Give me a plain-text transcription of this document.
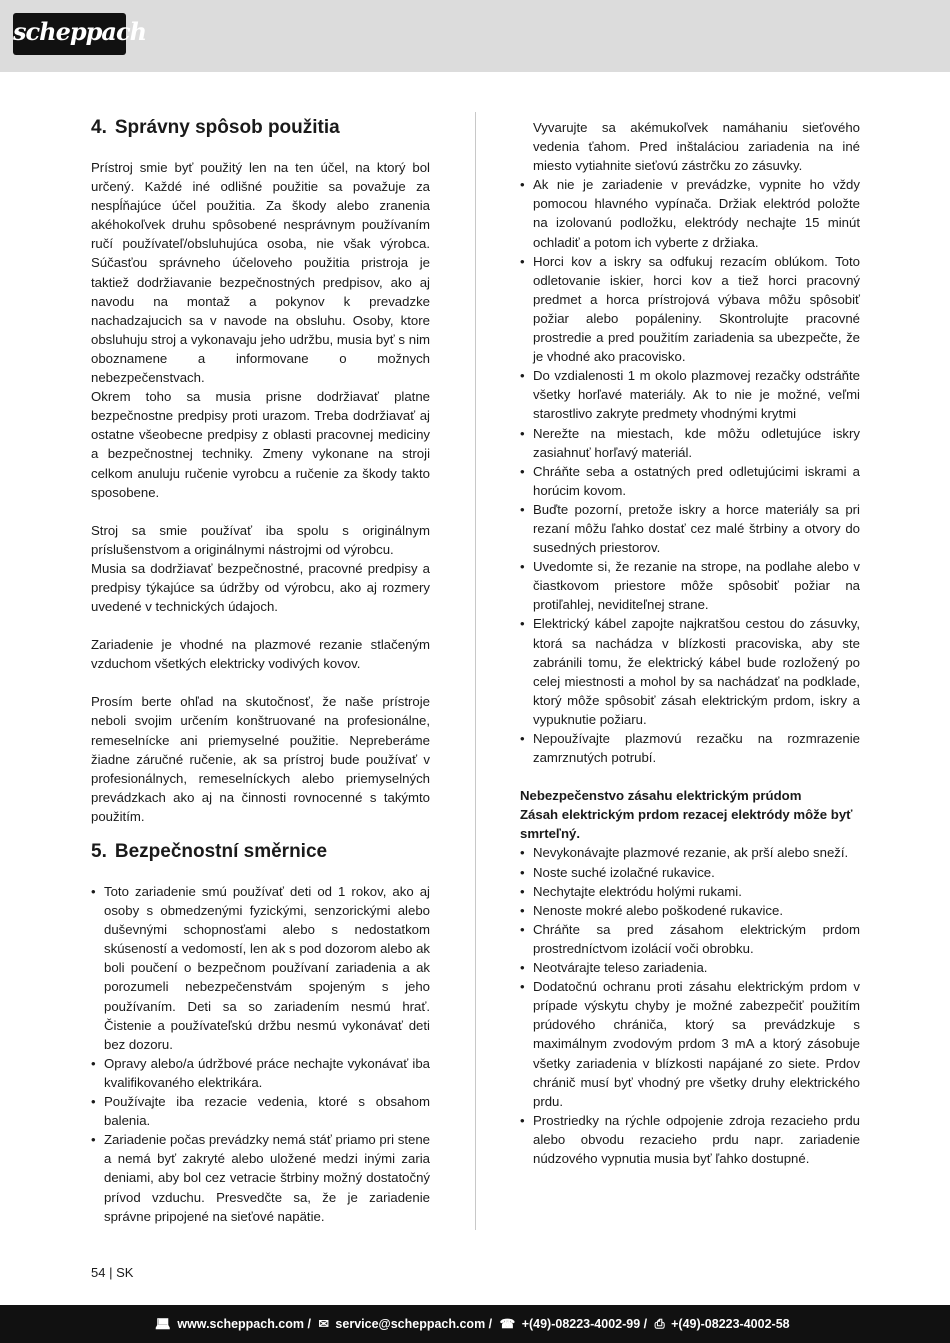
scheppach
4. Správny spôsob použitia

Prístroj smie byť použitý len na ten účel, na ktorý bol určený. Každé iné odlišné použitie sa považuje za nespĺňajúce účel použitia. Za škody alebo zranenia akéhokoľvek druhu spôsobené nesprávnym používaním ručí používateľ/obsluhujúca osoba, nie však výrobca. Súčasťou správneho účeloveho použitia pristroja je taktiež dodržiavanie bezpečnostných predpisov, ako aj navodu na montaž a pokynov k prevadzke nachadzajucich sa v navode na obsluhu. Osoby, ktore obsluhuju stroj a vykonavaju jeho udržbu, musia byť s nim oboznamene a informovane o možnych nebezpečenstvach.

Okrem toho sa musia prisne dodržiavať platne bezpečnostne predpisy proti urazom. Treba dodržiavať aj ostatne všeobecne predpisy z oblasti pracovnej mediciny a bezpečnostnej techniky. Zmeny vykonane na stroji celkom anuluju ručenie vyrobcu a ručenie za škody takto sposobene.

Stroj sa smie používať iba spolu s originálnym príslušenstvom a originálnymi nástrojmi od výrobcu.

Musia sa dodržiavať bezpečnostné, pracovné predpisy a predpisy týkajúce sa údržby od výrobcu, ako aj rozmery uvedené v technických údajoch.

Zariadenie je vhodné na plazmové rezanie stlačeným vzduchom všetkých elektricky vodivých kovov.

Prosím berte ohľad na skutočnosť, že naše prístroje neboli svojim určením konštruované na profesionálne, remeselnícke ani priemyselné použitie. Nepreberáme žiadne záručné ručenie, ak sa prístroj bude používať v profesionálnych, remeselníckych alebo priemyselných prevádzkach ako aj na činnosti rovnocenné s takýmto použitím.

5. Bezpečnostní směrnice
• Toto zariadenie smú používať deti od 1 rokov, ako aj osoby s obmedzenými fyzickými, senzorickými alebo duševnými schopnosťami alebo s nedostatkom skúseností a vedomostí, len ak s pod dozorom alebo ak boli poučení o bezpečnom používaní zariadenia a ak porozumeli nebezpečenstvám spojeným s jeho používaním. Deti sa so zariadením nesmú hrať. Čistenie a používateľskú držbu nesmú vykonávať deti bez dozoru.
• Opravy alebo/a údržbové práce nechajte vykonávať iba kvalifikovaného elektrikára.
• Používajte iba rezacie vedenia, ktoré s obsahom balenia.
• Zariadenie počas prevádzky nemá stáť priamo pri stene a nemá byť zakryté alebo uložené medzi inými zaria deniami, aby bol cez vetracie štrbiny možný dostatočný prívod vzduchu. Presvedčte sa, že je zariadenie správne pripojené na sieťové napätie.

Vyvarujte sa akémukoľvek namáhaniu sieťového vedenia ťahom. Pred inštaláciou zariadenia na iné miesto vytiahnite sieťovú zástrčku zo zásuvky.

• Ak nie je zariadenie v prevádzke, vypnite ho vždy pomocou hlavného vypínača. Držiak elektród položte na izolovanú podložku, elektródy nechajte 15 minút ochladiť a potom ich vyberte z držiaka.
• Horci kov a iskry sa odfukuj rezacím oblúkom. Toto odletovanie iskier, horci kov a tiež horci pracovný predmet a horca prístrojová výbava môžu spôsobiť požiar alebo popáleniny. Skontrolujte pracovné prostredie a pred použitím zariadenia sa ubezpečte, že je vhodné ako pracovisko.
• Do vzdialenosti 1 m okolo plazmovej rezačky odstráňte všetky horľavé materiály. Ak to nie je možné, veľmi starostlivo zakryte predmety vhodnými krytmi
• Nerežte na miestach, kde môžu odletujúce iskry zasiahnuť horľavý materiál.
• Chráňte seba a ostatných pred odletujúcimi iskrami a horúcim kovom.
• Buďte pozorní, pretože iskry a horce materiály sa pri rezaní môžu ľahko dostať cez malé štrbiny a otvory do susedných priestorov.
• Uvedomte si, že rezanie na strope, na podlahe alebo v čiastkovom priestore môže spôsobiť požiar na protiľahlej, neviditeľnej strane.
• Elektrický kábel zapojte najkratšou cestou do zásuvky, ktorá sa nachádza v blízkosti pracoviska, aby ste zabránili tomu, že elektrický kábel bude rozložený po celej miestnosti a mohol by sa nachádzať na podklade, ktorý môže spôsobiť zásah elektrickým prdom, iskry a vypuknutie požiaru.
• Nepoužívajte plazmovú rezačku na rozmrazenie zamrznutých potrubí.

Nebezpečenstvo zásahu elektrickým prúdom

Zásah elektrickým prdom rezacej elektródy môže byť smrteľný.

• Nevykonávajte plazmové rezanie, ak prší alebo sneží.
• Noste suché izolačné rukavice.
• Nechytajte elektródu holými rukami.
• Nenoste mokré alebo poškodené rukavice.
• Chráňte sa pred zásahom elektrickým prdom prostredníctvom izolácií voči obrobku.
• Neotvárajte teleso zariadenia.
• Dodatočnú ochranu proti zásahu elektrickým prdom v prípade výskytu chyby je možné zabezpečiť použitím prúdového chrániča, ktorý sa prevádzkuje s maximálnym zvodovým prdom 3 mA a ktorý zásobuje všetky zariadenia v blízkosti napájané zo siete. Prdov chránič musí byť vhodný pre všetky druhy elektrického prdu.
• Prostriedky na rýchle odpojenie zdroja rezacieho prdu alebo obvodu rezacieho prdu napr. zariadenie núdzového vypnutia musia byť ľahko dostupné.
54 | SK
💻︎ www.scheppach.com / ✉︎ service@scheppach.com / ☎︎ +(49)-08223-4002-99 / ⎙ +(49)-08223-4002-58
